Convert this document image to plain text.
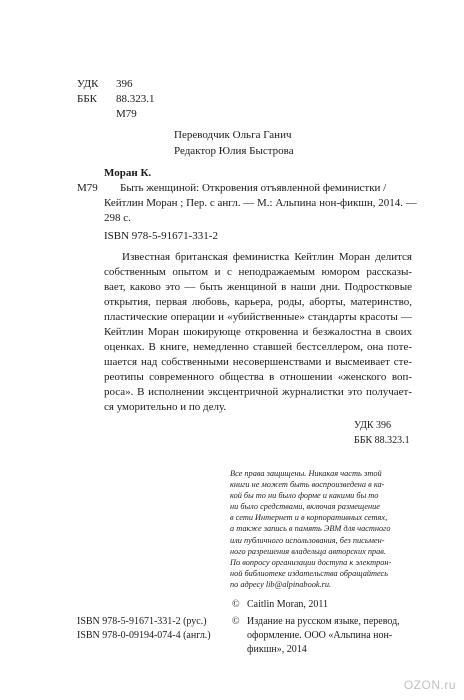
УДК 396
ББК 88.323.1
М79
Переводчик Ольга Ганич
Редактор Юлия Быстрова
Моран К.
М79 Быть женщиной: Откровения отъявленной феминистки /
Кейтлин Моран ; Пер. с англ. — М.: Альпина нон-фикшн, 2014. —
298 с.
ISBN 978-5-91671-331-2
Известная британская феминистка Кейтлин Моран делится
собственным опытом и с неподражаемым юмором рассказы-
вает, каково это — быть женщиной в наши дни. Подростковые
открытия, первая любовь, карьера, роды, аборты, материнство,
пластические операции и «убийственные» стандарты красоты —
Кейтлин Моран шокирующе откровенна и безжалостна в своих
оценках. В книге, немедленно ставшей бестселлером, она поте-
шается над собственными несовершенствами и высмеивает сте-
реотипы современного общества в отношении «женского воп-
роса». В исполнении эксцентричной журналистки это получает-
ся уморительно и по делу.
УДК 396
ББК 88.323.1
Все права защищены. Никакая часть этой
книги не может быть воспроизведена в ка-
кой бы то ни было форме и какими бы то
ни было средствами, включая размещение
в сети Интернет и в корпоративных сетях,
а также запись в память ЭВМ для частного
или публичного использования, без письмен-
ного разрешения владельца авторских прав.
По вопросу организации доступа к электрон-
ной библиотеке издательства обращайтесь
по адресу lib@alpinabook.ru.
© Caitlin Moran, 2011
© Издание на русском языке, перевод,
оформление. ООО «Альпина нон-
фикшн», 2014
ISBN 978-5-91671-331-2 (рус.)
ISBN 978-0-09194-074-4 (англ.)
OZON.ru
